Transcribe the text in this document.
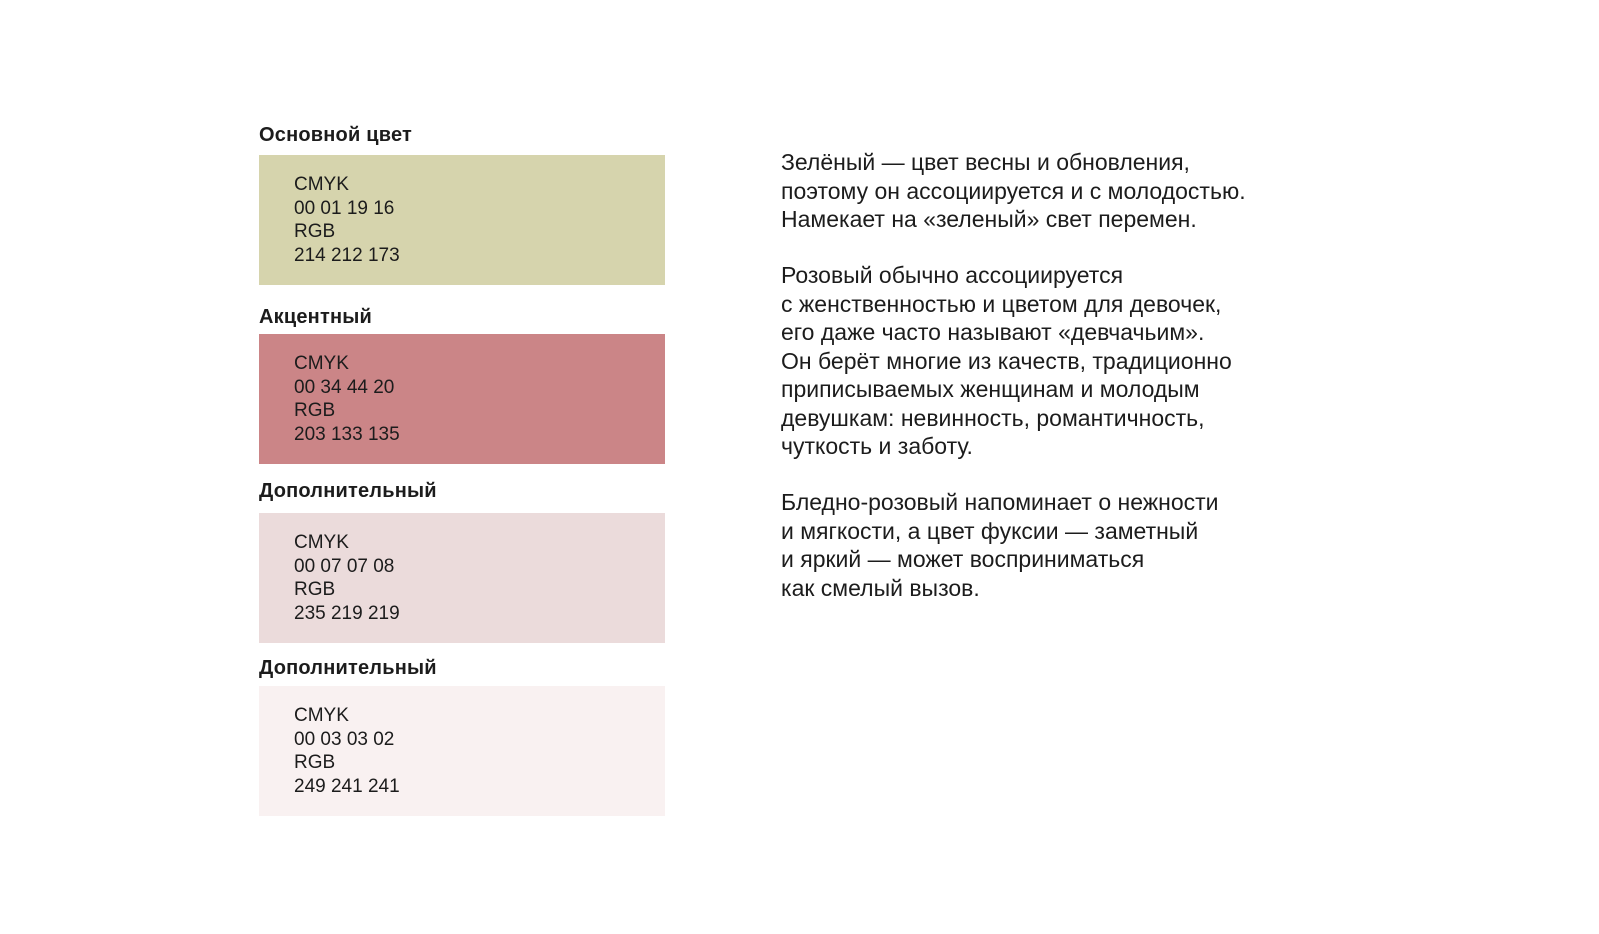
Основной цвет
CMYK
00 01 19 16
RGB
214 212 173
Акцентный
CMYK
00 34 44 20
RGB
203 133 135
Дополнительный
CMYK
00 07 07 08
RGB
235 219 219
Дополнительный
CMYK
00 03 03 02
RGB
249 241 241
Зелёный — цвет весны и обновления,
поэтому он ассоциируется и с молодостью.
Намекает на «зеленый» свет перемен.
Розовый обычно ассоциируется
с женственностью и цветом для девочек,
его даже часто называют «девчачьим».
Он берёт многие из качеств, традиционно
приписываемых женщинам и молодым
девушкам: невинность, романтичность,
чуткость и заботу.
Бледно-розовый напоминает о нежности
и мягкости, а цвет фуксии — заметный
и яркий — может восприниматься
как смелый вызов.
